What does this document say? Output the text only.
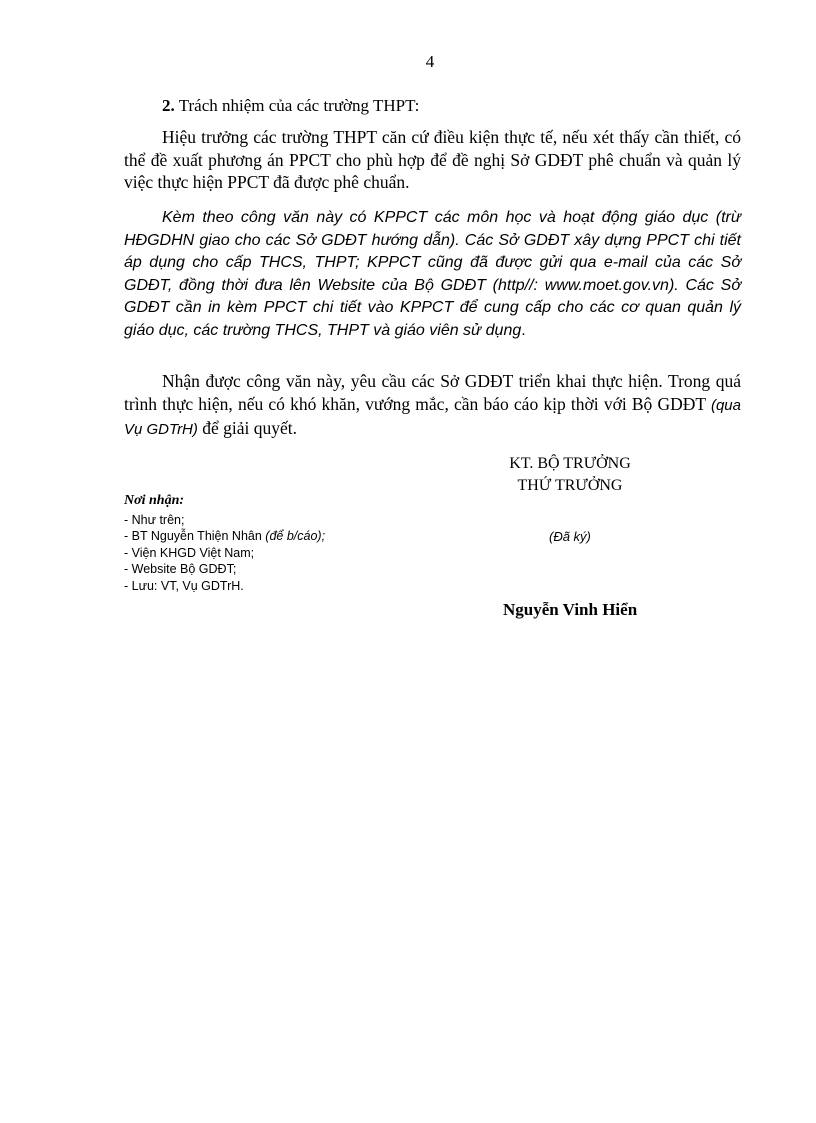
4

2. Trách nhiệm của các trường THPT:

Hiệu trưởng các trường THPT căn cứ điều kiện thực tế, nếu xét thấy cần thiết, có thể đề xuất phương án PPCT cho phù hợp để đề nghị Sở GDĐT phê chuẩn và quản lý việc thực hiện PPCT đã được phê chuẩn.

Kèm theo công văn này có KPPCT các môn học và hoạt động giáo dục (trừ HĐGDHN giao cho các Sở GDĐT hướng dẫn). Các Sở GDĐT xây dựng PPCT chi tiết áp dụng cho cấp THCS, THPT; KPPCT cũng đã được gửi qua e-mail của các Sở GDĐT, đồng thời đưa lên Website của Bộ GDĐT (http//: www.moet.gov.vn). Các Sở GDĐT cần in kèm PPCT chi tiết vào KPPCT để cung cấp cho các cơ quan quản lý giáo dục, các trường THCS, THPT và giáo viên sử dụng.

Nhận được công văn này, yêu cầu các Sở GDĐT triển khai thực hiện. Trong quá trình thực hiện, nếu có khó khăn, vướng mắc, cần báo cáo kịp thời với Bộ GDĐT (qua Vụ GDTrH) để giải quyết.

KT. BỘ TRƯỞNG
THỨ TRƯỞNG
Nơi nhận:
- Như trên;
- BT Nguyễn Thiện Nhân (để b/cáo);
- Viện KHGD Việt Nam;
- Website Bộ GDĐT;
- Lưu: VT, Vụ GDTrH.
(Đã ký)
Nguyễn Vinh Hiển
